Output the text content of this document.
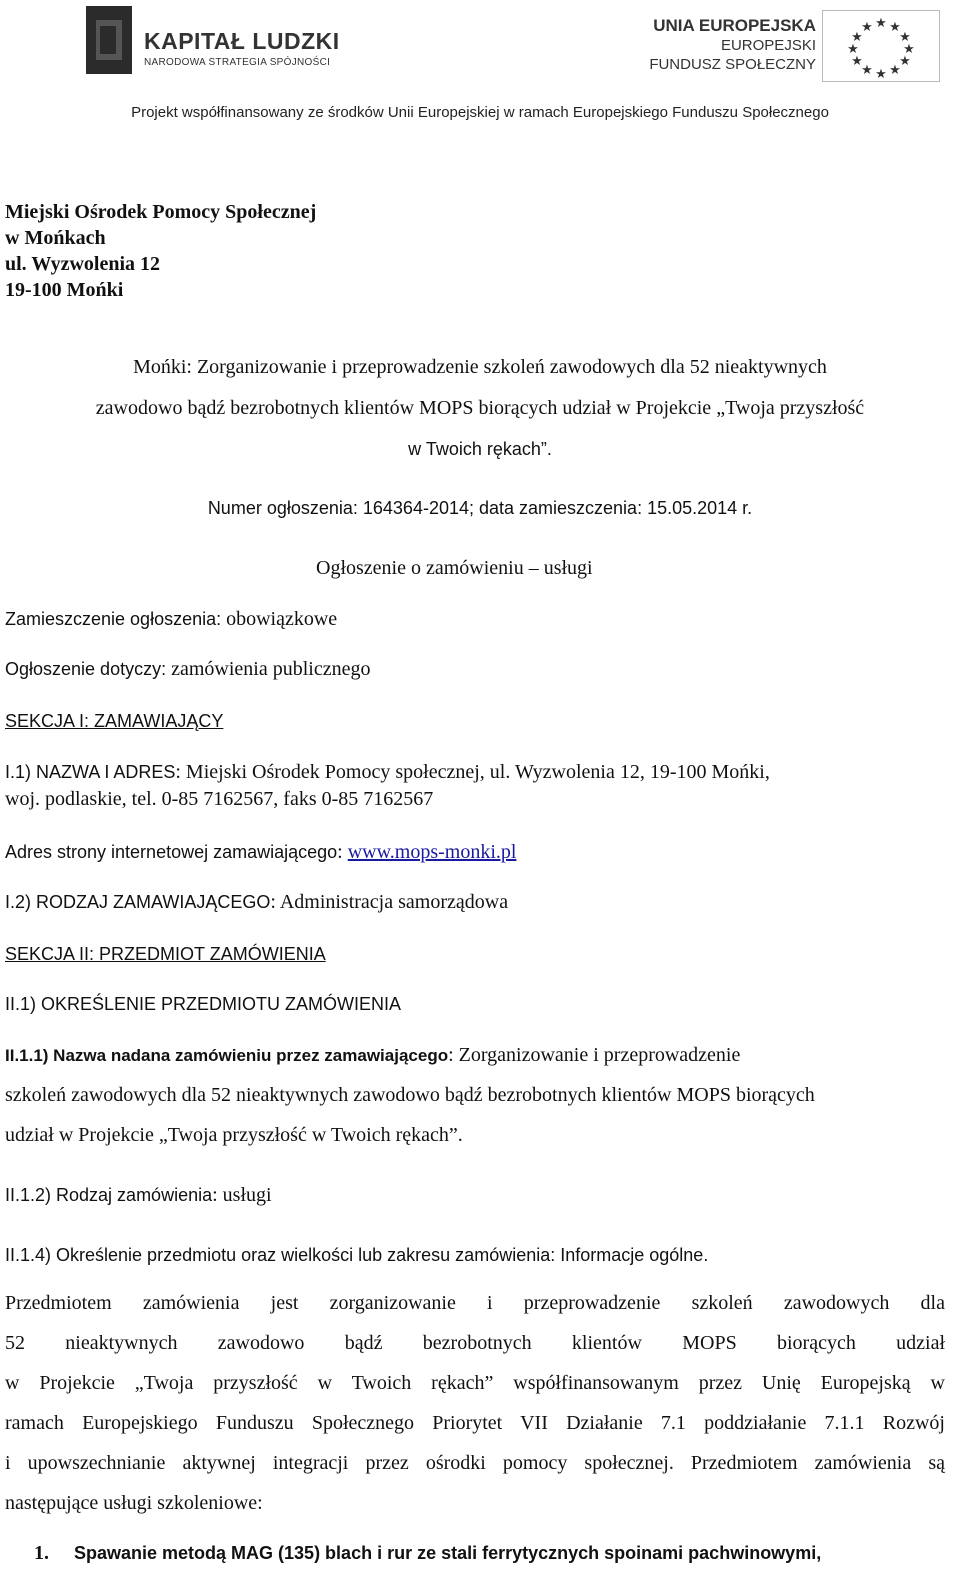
KAPITAŁ LUDZKI
NARODOWA STRATEGIA SPÓJNOŚCI
UNIA EUROPEJSKA
EUROPEJSKI
FUNDUSZ SPOŁECZNY
★ ★
★
★
★
★
★
★
★
★
★
★
Projekt współfinansowany ze środków Unii Europejskiej w ramach Europejskiego Funduszu Społecznego
Miejski Ośrodek Pomocy Społecznej
w Mońkach
ul. Wyzwolenia 12
19-100 Mońki
Mońki: Zorganizowanie i przeprowadzenie szkoleń zawodowych dla 52 nieaktywnych
zawodowo bądź bezrobotnych klientów MOPS biorących udział w Projekcie „Twoja przyszłość
w Twoich rękach”.
Numer ogłoszenia: 164364-2014; data zamieszczenia: 15.05.2014 r.
Ogłoszenie o zamówieniu – usługi
Zamieszczenie ogłoszenia: obowiązkowe
Ogłoszenie dotyczy: zamówienia publicznego
SEKCJA I: ZAMAWIAJĄCY
I.1) NAZWA I ADRES: Miejski Ośrodek Pomocy społecznej, ul. Wyzwolenia 12, 19-100 Mońki,
woj. podlaskie, tel. 0-85 7162567, faks 0-85 7162567
Adres strony internetowej zamawiającego: www.mops-monki.pl
I.2) RODZAJ ZAMAWIAJĄCEGO: Administracja samorządowa
SEKCJA II: PRZEDMIOT ZAMÓWIENIA
II.1) OKREŚLENIE PRZEDMIOTU ZAMÓWIENIA
II.1.1) Nazwa nadana zamówieniu przez zamawiającego: Zorganizowanie i przeprowadzenie
szkoleń zawodowych dla 52 nieaktywnych zawodowo bądź bezrobotnych klientów MOPS biorących
udział w Projekcie „Twoja przyszłość w Twoich rękach”.
II.1.2) Rodzaj zamówienia: usługi
II.1.4) Określenie przedmiotu oraz wielkości lub zakresu zamówienia: Informacje ogólne.

Przedmiotem zamówienia jest zorganizowanie i przeprowadzenie szkoleń zawodowych dla

52 nieaktywnych zawodowo bądź bezrobotnych klientów MOPS biorących udział

w Projekcie „Twoja przyszłość w Twoich rękach” współfinansowanym przez Unię Europejską w

ramach Europejskiego Funduszu Społecznego Priorytet VII Działanie 7.1 poddziałanie 7.1.1 Rozwój

i upowszechnianie aktywnej integracji przez ośrodki pomocy społecznej. Przedmiotem zamówienia są

następujące usługi szkoleniowe:

1. Spawanie metodą MAG (135) blach i rur ze stali ferrytycznych spoinami pachwinowymi,
